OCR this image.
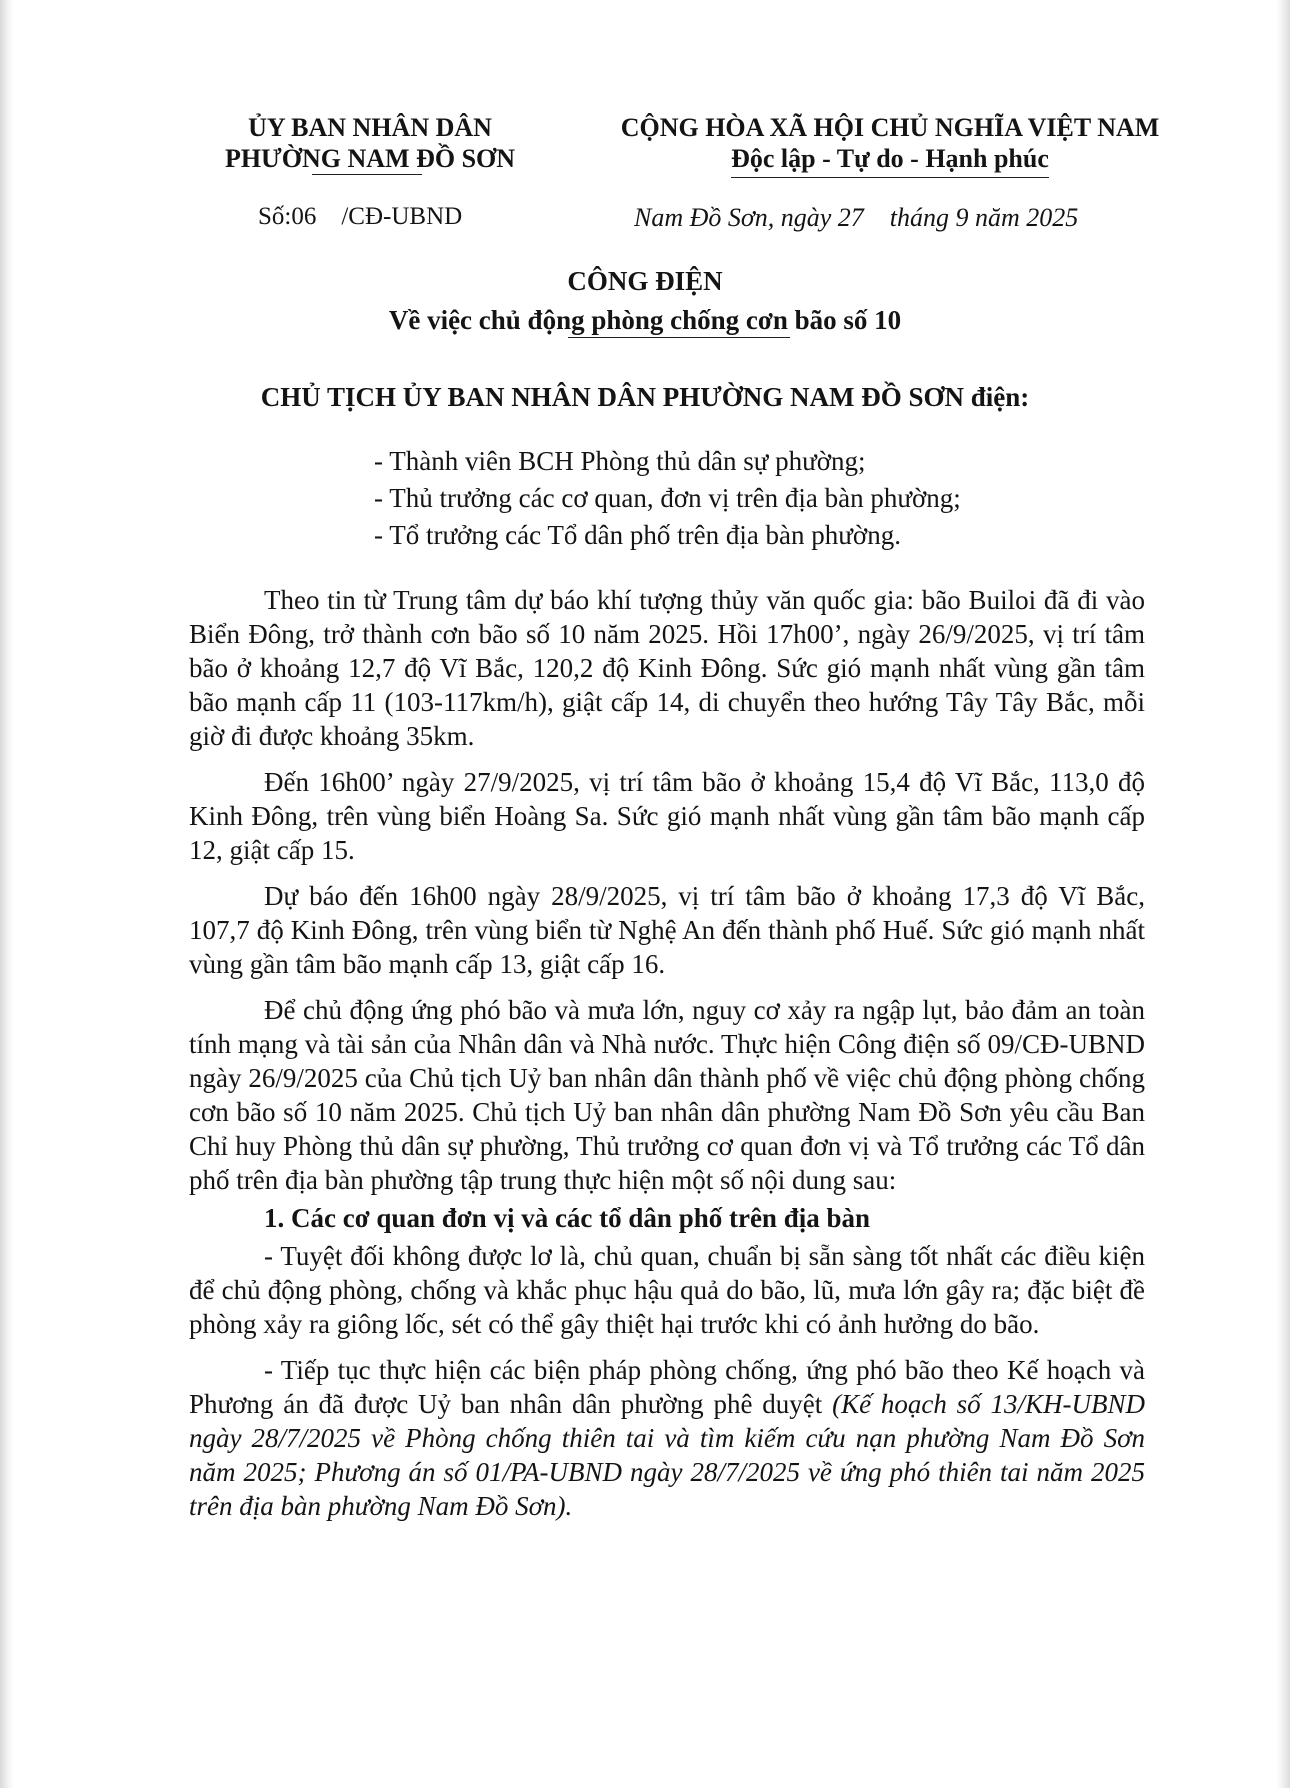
ỦY BAN NHÂN DÂN
PHƯỜNG NAM ĐỒ SƠN
CỘNG HÒA XÃ HỘI CHỦ NGHĨA VIỆT NAM
Độc lập - Tự do - Hạnh phúc
Số:06    /CĐ-UBND	Nam Đồ Sơn, ngày 27    tháng 9 năm 2025
CÔNG ĐIỆN
Về việc chủ động phòng chống cơn bão số 10
CHỦ TỊCH ỦY BAN NHÂN DÂN PHƯỜNG NAM ĐỒ SƠN điện:
- Thành viên BCH Phòng thủ dân sự phường;
- Thủ trưởng các cơ quan, đơn vị trên địa bàn phường;
- Tổ trưởng các Tổ dân phố trên địa bàn phường.

Theo tin từ Trung tâm dự báo khí tượng thủy văn quốc gia: bão Builoi đã đi vào Biển Đông, trở thành cơn bão số 10 năm 2025. Hồi 17h00’, ngày 26/9/2025, vị trí tâm bão ở khoảng 12,7 độ Vĩ Bắc, 120,2 độ Kinh Đông. Sức gió mạnh nhất vùng gần tâm bão mạnh cấp 11 (103-117km/h), giật cấp 14, di chuyển theo hướng Tây Tây Bắc, mỗi giờ đi được khoảng 35km.

Đến 16h00’ ngày 27/9/2025, vị trí tâm bão ở khoảng 15,4 độ Vĩ Bắc, 113,0 độ Kinh Đông, trên vùng biển Hoàng Sa. Sức gió mạnh nhất vùng gần tâm bão mạnh cấp 12, giật cấp 15.

Dự báo đến 16h00 ngày 28/9/2025, vị trí tâm bão ở khoảng 17,3 độ Vĩ Bắc, 107,7 độ Kinh Đông, trên vùng biển từ Nghệ An đến thành phố Huế. Sức gió mạnh nhất vùng gần tâm bão mạnh cấp 13, giật cấp 16.

Để chủ động ứng phó bão và mưa lớn, nguy cơ xảy ra ngập lụt, bảo đảm an toàn tính mạng và tài sản của Nhân dân và Nhà nước. Thực hiện Công điện số 09/CĐ-UBND ngày 26/9/2025 của Chủ tịch Uỷ ban nhân dân thành phố về việc chủ động phòng chống cơn bão số 10 năm 2025. Chủ tịch Uỷ ban nhân dân phường Nam Đồ Sơn yêu cầu Ban Chỉ huy Phòng thủ dân sự phường, Thủ trưởng cơ quan đơn vị và Tổ trưởng các Tổ dân phố trên địa bàn phường tập trung thực hiện một số nội dung sau:

1. Các cơ quan đơn vị và các tổ dân phố trên địa bàn

- Tuyệt đối không được lơ là, chủ quan, chuẩn bị sẵn sàng tốt nhất các điều kiện để chủ động phòng, chống và khắc phục hậu quả do bão, lũ, mưa lớn gây ra; đặc biệt đề phòng xảy ra giông lốc, sét có thể gây thiệt hại trước khi có ảnh hưởng do bão.

- Tiếp tục thực hiện các biện pháp phòng chống, ứng phó bão theo Kế hoạch và Phương án đã được Uỷ ban nhân dân phường phê duyệt (Kế hoạch số 13/KH-UBND ngày 28/7/2025 về Phòng chống thiên tai và tìm kiếm cứu nạn phường Nam Đồ Sơn năm 2025; Phương án số 01/PA-UBND ngày 28/7/2025 về ứng phó thiên tai năm 2025 trên địa bàn phường Nam Đồ Sơn).
